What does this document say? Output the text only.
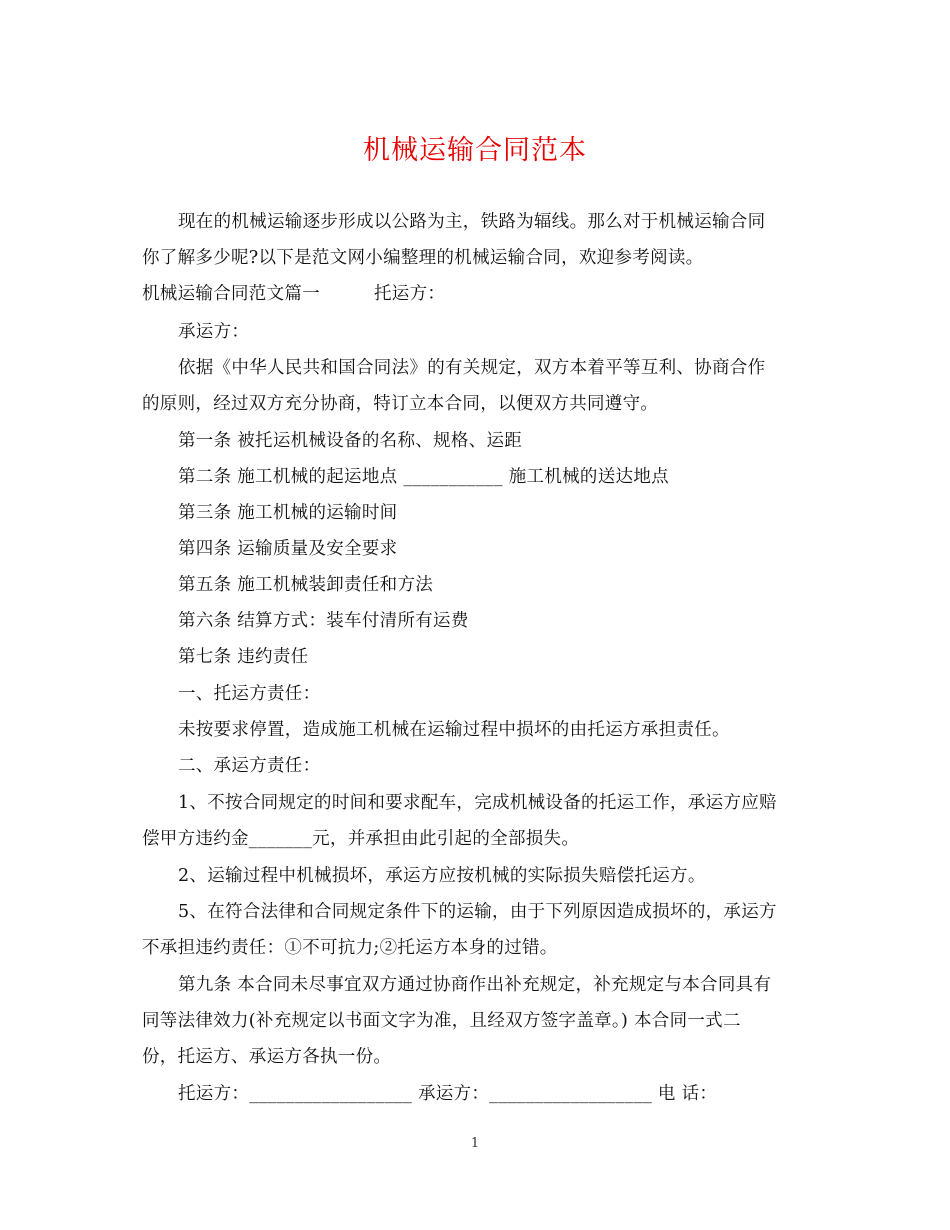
机械运输合同范本
现在的机械运输逐步形成以公路为主，铁路为辐线。那么对于机械运输合同
你了解多少呢?以下是范文网小编整理的机械运输合同，欢迎参考阅读。
机械运输合同范文篇一	托运方：
承运方：
依据《中华人民共和国合同法》的有关规定，双方本着平等互利、协商合作
的原则，经过双方充分协商，特订立本合同，以便双方共同遵守。
第一条 被托运机械设备的名称、规格、运距
第二条 施工机械的起运地点 ___________ 施工机械的送达地点
第三条 施工机械的运输时间
第四条 运输质量及安全要求
第五条 施工机械装卸责任和方法
第六条 结算方式：装车付清所有运费
第七条 违约责任
一、托运方责任：
未按要求停置，造成施工机械在运输过程中损坏的由托运方承担责任。
二、承运方责任：
1、不按合同规定的时间和要求配车，完成机械设备的托运工作，承运方应赔
偿甲方违约金_______元，并承担由此引起的全部损失。
2、运输过程中机械损坏，承运方应按机械的实际损失赔偿托运方。
5、在符合法律和合同规定条件下的运输，由于下列原因造成损坏的，承运方
不承担违约责任：①不可抗力;②托运方本身的过错。
第九条 本合同未尽事宜双方通过协商作出补充规定，补充规定与本合同具有
同等法律效力(补充规定以书面文字为准，且经双方签字盖章。) 本合同一式二
份，托运方、承运方各执一份。
托运方：__________________ 承运方：__________________ 电 话：
1
